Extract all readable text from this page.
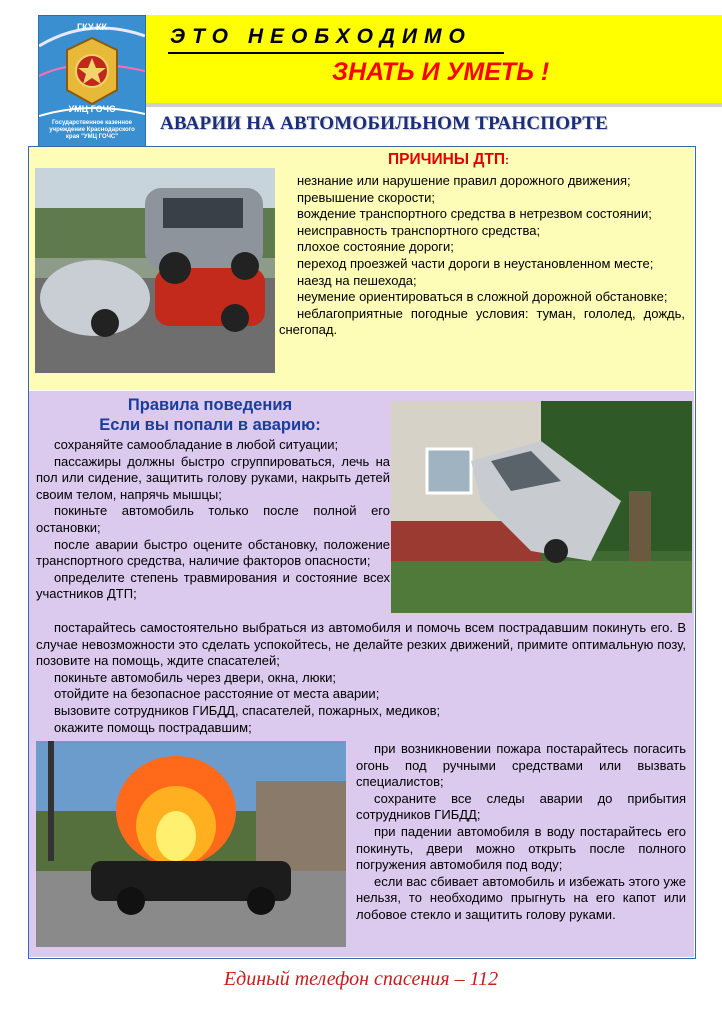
ЭТО НЕОБХОДИМО
ЗНАТЬ И УМЕТЬ !
ГКУ КК
УМЦ ГОЧС
Государственное казенное учреждение Краснодарского края "УМЦ ГОЧС"
АВАРИИ НА АВТОМОБИЛЬНОМ ТРАНСПОРТЕ
ПРИЧИНЫ ДТП:

незнание или нарушение правил дорожного движения;

превышение скорости;

вождение транспортного средства в нетрезвом состоянии;

неисправность транспортного средства;

плохое состояние дороги;

переход проезжей части дороги в неустановленном месте;

наезд на пешехода;

неумение ориентироваться в сложной дорожной обстановке;

неблагоприятные погодные условия: туман, гололед, дождь, снегопад.

Правила поведения
Если вы попали в аварию:

сохраняйте самообладание в любой ситуации;

пассажиры должны быстро сгруппироваться, лечь на пол или сидение, защитить голову руками, накрыть детей своим телом, напрячь мышцы;

покиньте автомобиль только после полной его остановки;

после аварии быстро оцените обстановку, положение транспортного средства, наличие факторов опасности;

определите степень травмирования и состояние всех участников ДТП;

постарайтесь самостоятельно выбраться из автомобиля и помочь всем пострадавшим покинуть его. В случае невозможности это сделать успокойтесь, не делайте резких движений, примите оптимальную позу, позовите на помощь, ждите спасателей;

покиньте автомобиль через двери, окна, люки;

отойдите на безопасное расстояние от места аварии;

вызовите сотрудников ГИБДД, спасателей, пожарных, медиков;

окажите помощь пострадавшим;

при возникновении пожара постарайтесь погасить огонь под ручными средствами или вызвать специалистов;

сохраните все следы аварии до прибытия сотрудников ГИБДД;

при падении автомобиля в воду постарайтесь его покинуть, двери можно открыть после полного погружения автомобиля под воду;

если вас сбивает автомобиль и избежать этого уже нельзя, то необходимо прыгнуть на его капот или лобовое стекло и защитить голову руками.

Единый телефон спасения – 112
